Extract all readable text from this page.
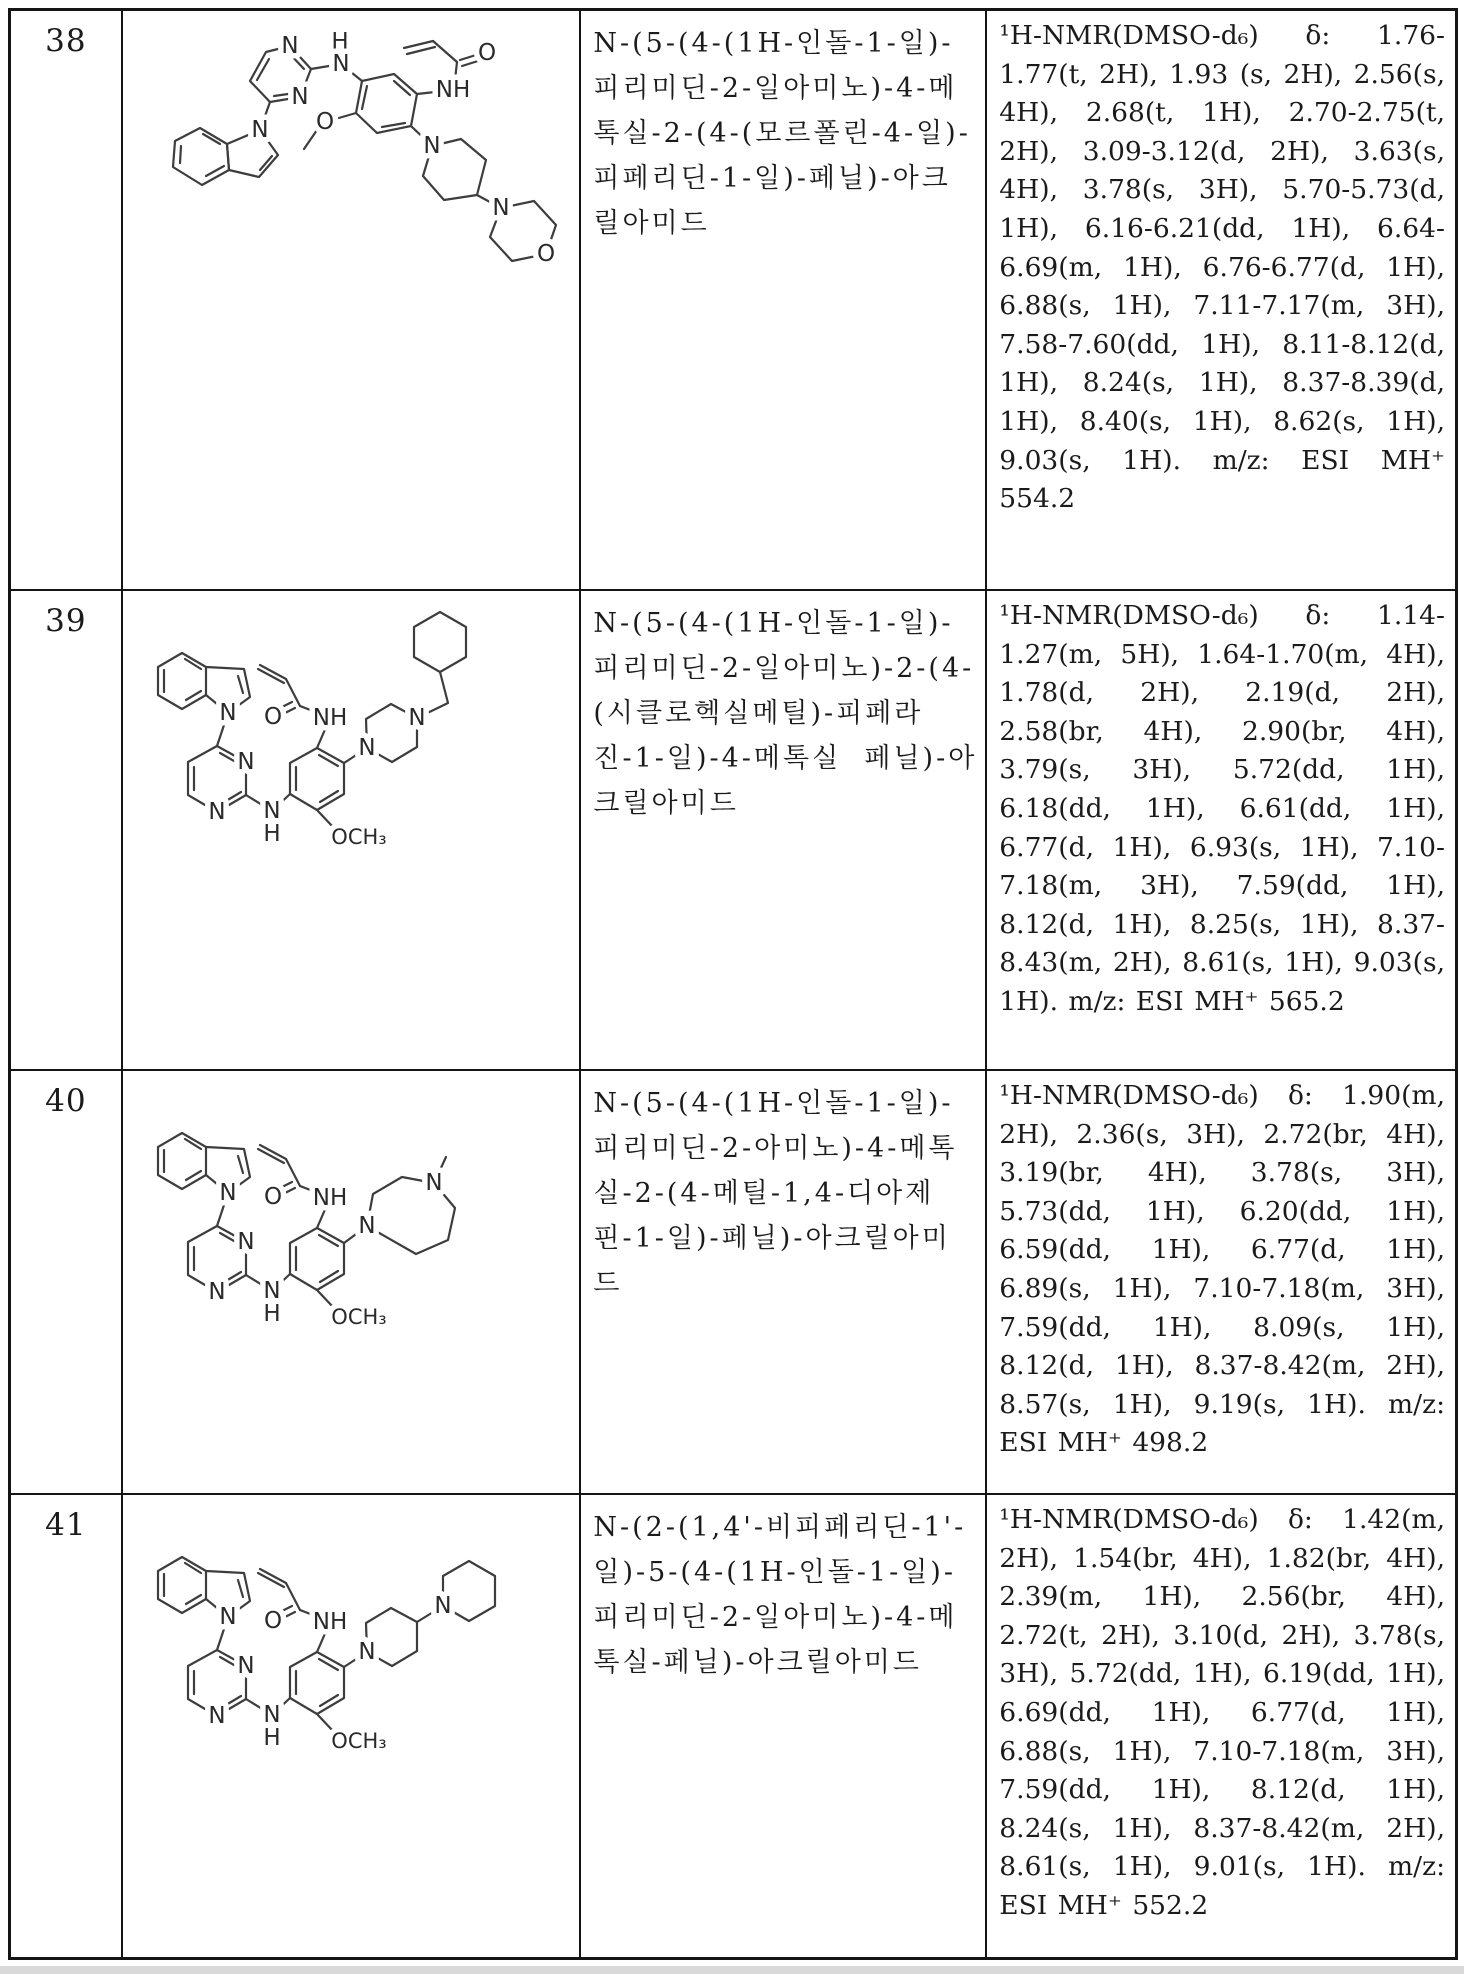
38	N
N
H
N
N
NH
O
O
N
N
O
N-(5-(4-(1H-인돌-1-일)-피리미딘-2-일아미노)-4-메톡실-2-(4-(모르폴린-4-일)-피페리딘-1-일)-페닐)-아크릴아미드
¹H-NMR(DMSO-d₆) δ: 1.76-1.77(t, 2H), 1.93 (s, 2H), 2.56(s, 4H), 2.68(t, 1H), 2.70-2.75(t, 2H), 3.09-3.12(d, 2H), 3.63(s, 4H), 3.78(s, 3H), 5.70-5.73(d, 1H), 6.16-6.21(dd, 1H), 6.64-6.69(m, 1H), 6.76-6.77(d, 1H), 6.88(s, 1H), 7.11-7.17(m, 3H), 7.58-7.60(dd, 1H), 8.11-8.12(d, 1H), 8.24(s, 1H), 8.37-8.39(d, 1H), 8.40(s, 1H), 8.62(s, 1H), 9.03(s, 1H). m/z: ESI MH⁺ 554.2
39
N
N
N N
H
NH
O
N
N
OCH₃
N-(5-(4-(1H-인돌-1-일)-피리미딘-2-일아미노)-2-(4-(시클로헥실메틸)-피페라진-1-일)-4-메톡실 페닐)-아크릴아미드
¹H-NMR(DMSO-d₆) δ: 1.14-1.27(m, 5H), 1.64-1.70(m, 4H), 1.78(d, 2H), 2.19(d, 2H), 2.58(br, 4H), 2.90(br, 4H), 3.79(s, 3H), 5.72(dd, 1H), 6.18(dd, 1H), 6.61(dd, 1H), 6.77(d, 1H), 6.93(s, 1H), 7.10-7.18(m, 3H), 7.59(dd, 1H), 8.12(d, 1H), 8.25(s, 1H), 8.37-8.43(m, 2H), 8.61(s, 1H), 9.03(s, 1H). m/z: ESI MH⁺ 565.2
40
N
N
N N
H
NH
O
N
N
OCH₃
N-(5-(4-(1H-인돌-1-일)-피리미딘-2-아미노)-4-메톡실-2-(4-메틸-1,4-디아제핀-1-일)-페닐)-아크릴아미드
¹H-NMR(DMSO-d₆) δ: 1.90(m, 2H), 2.36(s, 3H), 2.72(br, 4H), 3.19(br, 4H), 3.78(s, 3H), 5.73(dd, 1H), 6.20(dd, 1H), 6.59(dd, 1H), 6.77(d, 1H), 6.89(s, 1H), 7.10-7.18(m, 3H), 7.59(dd, 1H), 8.09(s, 1H), 8.12(d, 1H), 8.37-8.42(m, 2H), 8.57(s, 1H), 9.19(s, 1H). m/z: ESI MH⁺ 498.2
41
N
N
N N
H
NH
O
N
N
OCH₃
N-(2-(1,4'-비피페리딘-1'-일)-5-(4-(1H-인돌-1-일)-피리미딘-2-일아미노)-4-메톡실-페닐)-아크릴아미드
¹H-NMR(DMSO-d₆) δ: 1.42(m, 2H), 1.54(br, 4H), 1.82(br, 4H), 2.39(m, 1H), 2.56(br, 4H), 2.72(t, 2H), 3.10(d, 2H), 3.78(s, 3H), 5.72(dd, 1H), 6.19(dd, 1H), 6.69(dd, 1H), 6.77(d, 1H), 6.88(s, 1H), 7.10-7.18(m, 3H), 7.59(dd, 1H), 8.12(d, 1H), 8.24(s, 1H), 8.37-8.42(m, 2H), 8.61(s, 1H), 9.01(s, 1H). m/z: ESI MH⁺ 552.2
